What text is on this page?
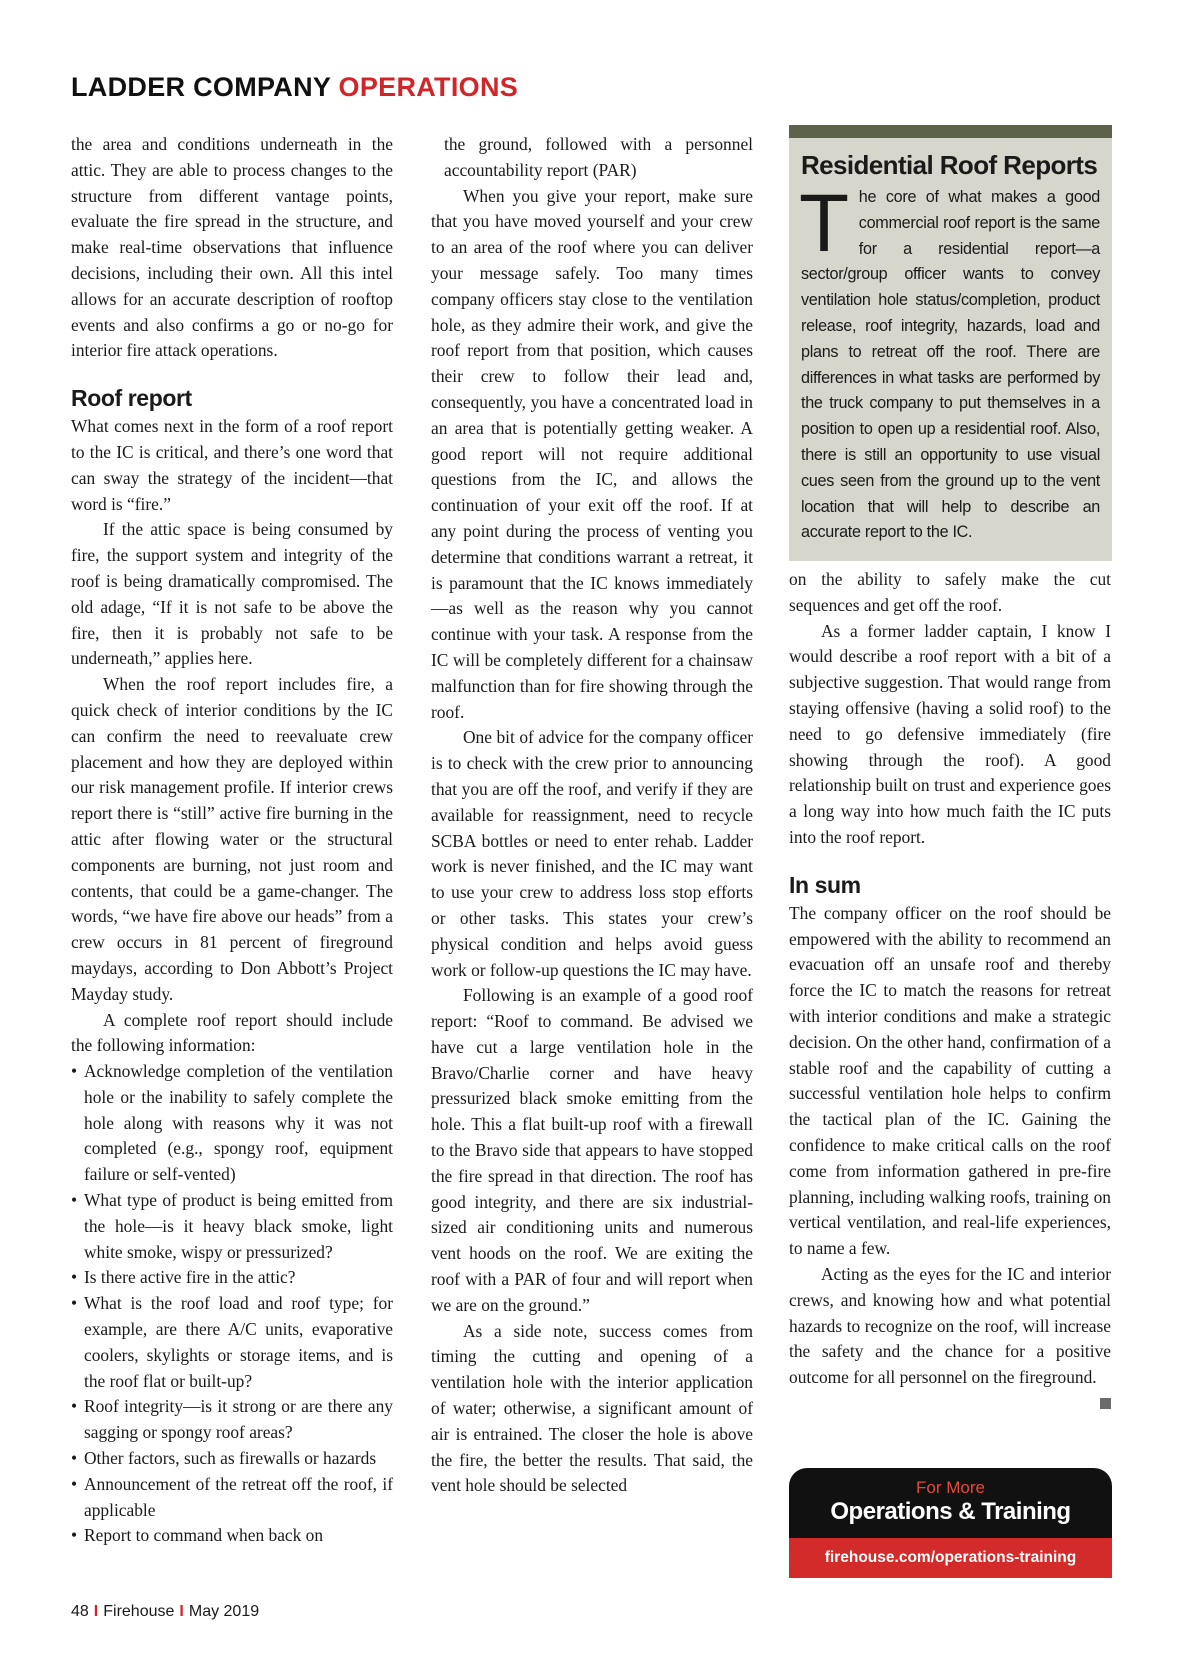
LADDER COMPANY OPERATIONS

the area and conditions underneath in the attic. They are able to process changes to the structure from different vantage points, evaluate the fire spread in the structure, and make real-time observations that influence decisions, including their own. All this intel allows for an accurate description of rooftop events and also confirms a go or no-go for interior fire attack operations.

Roof report

What comes next in the form of a roof report to the IC is critical, and there’s one word that can sway the strategy of the incident—that word is “fire.”

If the attic space is being consumed by fire, the support system and integrity of the roof is being dramatically compromised. The old adage, “If it is not safe to be above the fire, then it is probably not safe to be underneath,” applies here.

When the roof report includes fire, a quick check of interior conditions by the IC can confirm the need to reevaluate crew placement and how they are deployed within our risk management profile. If interior crews report there is “still” active fire burning in the attic after flowing water or the structural components are burning, not just room and contents, that could be a game-changer. The words, “we have fire above our heads” from a crew occurs in 81 percent of fireground maydays, according to Don Abbott’s Project Mayday study.

A complete roof report should include the following information:

• Acknowledge completion of the ventilation hole or the inability to safely complete the hole along with reasons why it was not completed (e.g., spongy roof, equipment failure or self-vented)
• What type of product is being emitted from the hole—is it heavy black smoke, light white smoke, wispy or pressurized?
• Is there active fire in the attic?
• What is the roof load and roof type; for example, are there A/C units, evaporative coolers, skylights or storage items, and is the roof flat or built-up?
• Roof integrity—is it strong or are there any sagging or spongy roof areas?
• Other factors, such as firewalls or hazards
• Announcement of the retreat off the roof, if applicable
• Report to command when back on

the ground, followed with a personnel accountability report (PAR)

When you give your report, make sure that you have moved yourself and your crew to an area of the roof where you can deliver your message safely. Too many times company officers stay close to the ventilation hole, as they admire their work, and give the roof report from that position, which causes their crew to follow their lead and, consequently, you have a concentrated load in an area that is potentially getting weaker. A good report will not require additional questions from the IC, and allows the continuation of your exit off the roof. If at any point during the process of venting you determine that conditions warrant a retreat, it is paramount that the IC knows immediately—as well as the reason why you cannot continue with your task. A response from the IC will be completely different for a chainsaw malfunction than for fire showing through the roof.

One bit of advice for the company officer is to check with the crew prior to announcing that you are off the roof, and verify if they are available for reassignment, need to recycle SCBA bottles or need to enter rehab. Ladder work is never finished, and the IC may want to use your crew to address loss stop efforts or other tasks. This states your crew’s physical condition and helps avoid guess work or follow-up questions the IC may have.

Following is an example of a good roof report: “Roof to command. Be advised we have cut a large ventilation hole in the Bravo/Charlie corner and have heavy pressurized black smoke emitting from the hole. This a flat built-up roof with a firewall to the Bravo side that appears to have stopped the fire spread in that direction. The roof has good integrity, and there are six industrial-sized air conditioning units and numerous vent hoods on the roof. We are exiting the roof with a PAR of four and will report when we are on the ground.”

As a side note, success comes from timing the cutting and opening of a ventilation hole with the interior application of water; otherwise, a significant amount of air is entrained. The closer the hole is above the fire, the better the results. That said, the vent hole should be selected

Residential Roof Reports
T he core of what makes a good commercial roof report is the same for a residential report—a sector/group officer wants to convey ventilation hole status/completion, product release, roof integrity, hazards, load and plans to retreat off the roof. There are differences in what tasks are performed by the truck company to put themselves in a position to open up a residential roof. Also, there is still an opportunity to use visual cues seen from the ground up to the vent location that will help to describe an accurate report to the IC.

on the ability to safely make the cut sequences and get off the roof.

As a former ladder captain, I know I would describe a roof report with a bit of a subjective suggestion. That would range from staying offensive (having a solid roof) to the need to go defensive immediately (fire showing through the roof). A good relationship built on trust and experience goes a long way into how much faith the IC puts into the roof report.

In sum

The company officer on the roof should be empowered with the ability to recommend an evacuation off an unsafe roof and thereby force the IC to match the reasons for retreat with interior conditions and make a strategic decision. On the other hand, confirmation of a stable roof and the capability of cutting a successful ventilation hole helps to confirm the tactical plan of the IC. Gaining the confidence to make critical calls on the roof come from information gathered in pre-fire planning, including walking roofs, training on vertical ventilation, and real-life experiences, to name a few.

Acting as the eyes for the IC and interior crews, and knowing how and what potential hazards to recognize on the roof, will increase the safety and the chance for a positive outcome for all personnel on the fireground.

For More
Operations & Training
firehouse.com/operations-training
48 I Firehouse I May 2019
